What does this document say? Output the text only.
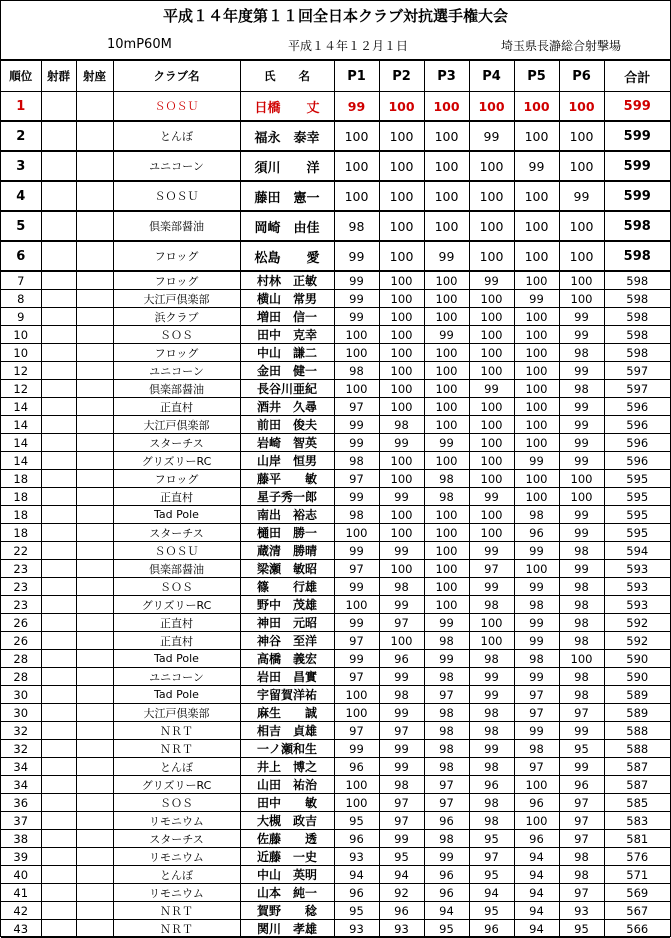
平成１４年度第１１回全日本クラブ対抗選手権大会
10mP60M	平成１４年１２月１日	埼玉県長瀞総合射撃場
順位	射群	射座	クラブ名	氏　　名	P1	P2	P3	P4	P5	P6	合計
1			ＳＯＳＵ	日橋　　丈	99	100	100	100	100	100	599
2			とんぼ	福永　泰幸	100	100	100	99	100	100	599
3			ユニコーン	須川　　洋	100	100	100	100	99	100	599
4			ＳＯＳＵ	藤田　憲一	100	100	100	100	100	99	599
5			倶楽部醤油	岡崎　由佳	98	100	100	100	100	100	598
6			フロッグ	松島　　愛	99	100	99	100	100	100	598
7			フロッグ	村林　正敏	99	100	100	99	100	100	598
8			大江戸倶楽部	横山　常男	99	100	100	100	99	100	598
9			浜クラブ	増田　信一	99	100	100	100	100	99	598
10			ＳＯＳ	田中　克幸	100	100	99	100	100	99	598
10			フロッグ	中山　謙二	100	100	100	100	100	98	598
12			ユニコーン	金田　健一	98	100	100	100	100	99	597
12			倶楽部醤油	長谷川亜紀	100	100	100	99	100	98	597
14			正直村	酒井　久尋	97	100	100	100	100	99	596
14			大江戸倶楽部	前田　俊夫	99	98	100	100	100	99	596
14			スターチス	岩崎　智英	99	99	99	100	100	99	596
14			グリズリーRC	山岸　恒男	98	100	100	100	99	99	596
18			フロッグ	藤平　　敏	97	100	98	100	100	100	595
18			正直村	星子秀一郎	99	99	98	99	100	100	595
18			Tad Pole	南出　裕志	98	100	100	100	98	99	595
18			スターチス	樋田　勝一	100	100	100	100	96	99	595
22			ＳＯＳＵ	蔵清　勝晴	99	99	100	99	99	98	594
23			倶楽部醤油	梁瀬　敏昭	97	100	100	97	100	99	593
23			ＳＯＳ	篠　　行雄	99	98	100	99	99	98	593
23			グリズリーRC	野中　茂雄	100	99	100	98	98	98	593
26			正直村	神田　元昭	99	97	99	100	99	98	592
26			正直村	神谷　至洋	97	100	98	100	99	98	592
28			Tad Pole	高橋　義宏	99	96	99	98	98	100	590
28			ユニコーン	岩田　昌實	97	99	98	99	99	98	590
30			Tad Pole	宇留賀洋祐	100	98	97	99	97	98	589
30			大江戸倶楽部	麻生　　誠	100	99	98	98	97	97	589
32			ＮＲＴ	相吉　貞雄	97	97	98	98	99	99	588
32			ＮＲＴ	一ノ瀬和生	99	99	98	99	98	95	588
34			とんぼ	井上　博之	96	99	98	98	97	99	587
34			グリズリーRC	山田　祐治	100	98	97	96	100	96	587
36			ＳＯＳ	田中　　敏	100	97	97	98	96	97	585
37			リモニウム	大槻　政吉	95	97	96	98	100	97	583
38			スターチス	佐藤　　透	96	99	98	95	96	97	581
39			リモニウム	近藤　一史	93	95	99	97	94	98	576
40			とんぼ	中山　英明	94	94	96	95	94	98	571
41			リモニウム	山本　純一	96	92	96	94	94	97	569
42			ＮＲＴ	賀野　　稔	95	96	94	95	94	93	567
43			ＮＲＴ	関川　孝雄	93	93	95	96	94	95	566
